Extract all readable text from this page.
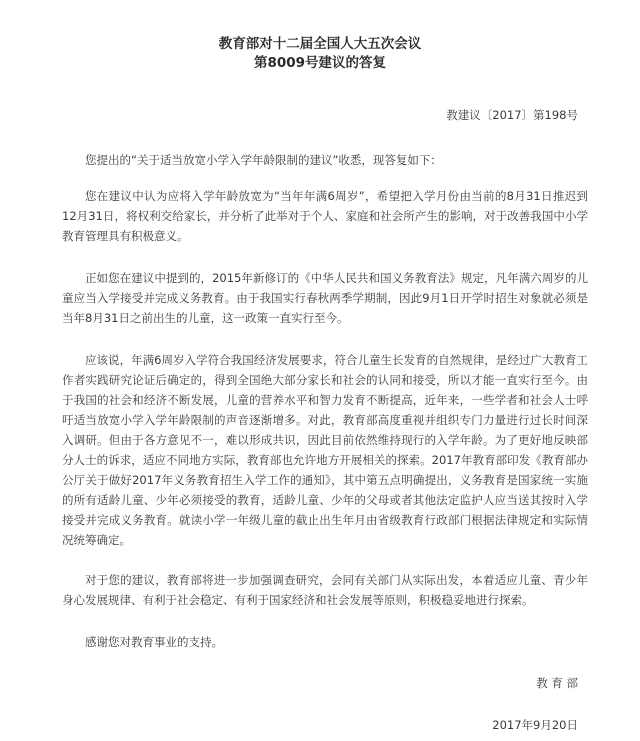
教育部对十二届全国人大五次会议
第8009号建议的答复
教建议〔2017〕第198号

您提出的“关于适当放宽小学入学年龄限制的建议”收悉，现答复如下：

您在建议中认为应将入学年龄放宽为“当年年满6周岁”，希望把入学月份由当前的8月31日推迟到12月31日，将权利交给家长，并分析了此举对于个人、家庭和社会所产生的影响，对于改善我国中小学教育管理具有积极意义。

正如您在建议中提到的，2015年新修订的《中华人民共和国义务教育法》规定，凡年满六周岁的儿童应当入学接受并完成义务教育。由于我国实行春秋两季学期制，因此9月1日开学时招生对象就必须是当年8月31日之前出生的儿童，这一政策一直实行至今。

应该说，年满6周岁入学符合我国经济发展要求，符合儿童生长发育的自然规律，是经过广大教育工作者实践研究论证后确定的，得到全国绝大部分家长和社会的认同和接受，所以才能一直实行至今。由于我国的社会和经济不断发展，儿童的营养水平和智力发育不断提高，近年来，一些学者和社会人士呼吁适当放宽小学入学年龄限制的声音逐渐增多。对此，教育部高度重视并组织专门力量进行过长时间深入调研。但由于各方意见不一，难以形成共识，因此目前依然维持现行的入学年龄。为了更好地反映部分人士的诉求，适应不同地方实际，教育部也允许地方开展相关的探索。2017年教育部印发《教育部办公厅关于做好2017年义务教育招生入学工作的通知》，其中第五点明确提出，义务教育是国家统一实施的所有适龄儿童、少年必须接受的教育，适龄儿童、少年的父母或者其他法定监护人应当送其按时入学接受并完成义务教育。就读小学一年级儿童的截止出生年月由省级教育行政部门根据法律规定和实际情况统筹确定。

对于您的建议，教育部将进一步加强调查研究，会同有关部门从实际出发，本着适应儿童、青少年身心发展规律、有利于社会稳定、有利于国家经济和社会发展等原则，积极稳妥地进行探索。

感谢您对教育事业的支持。

教 育 部
2017年9月20日
